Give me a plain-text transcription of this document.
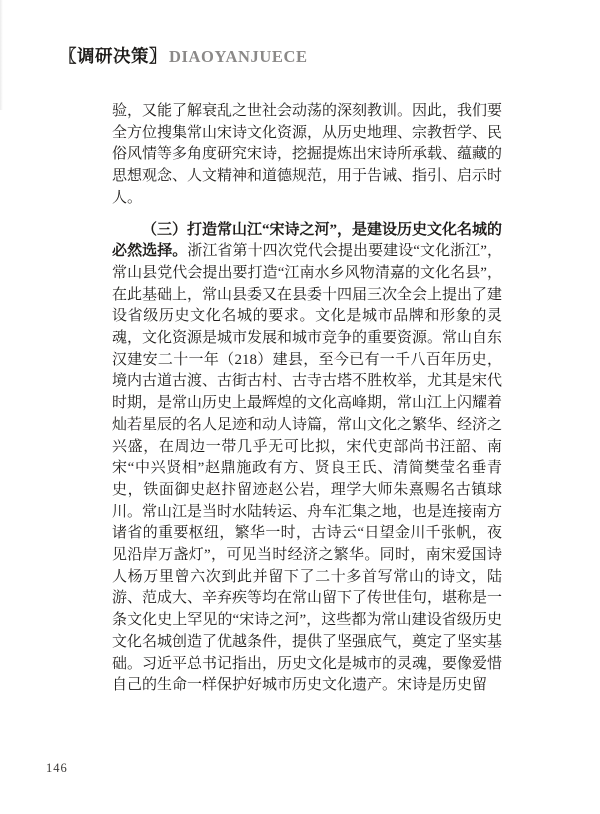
〖调研决策〗 DIAOYANJUECE

验，又能了解衰乱之世社会动荡的深刻教训。因此，我们要全方位搜集常山宋诗文化资源，从历史地理、宗教哲学、民俗风情等多角度研究宋诗，挖掘提炼出宋诗所承载、蕴藏的思想观念、人文精神和道德规范，用于告诫、指引、启示时人。

（三）打造常山江“宋诗之河”，是建设历史文化名城的必然选择。浙江省第十四次党代会提出要建设“文化浙江”，常山县党代会提出要打造“江南水乡风物清嘉的文化名县”，在此基础上，常山县委又在县委十四届三次全会上提出了建设省级历史文化名城的要求。文化是城市品牌和形象的灵魂，文化资源是城市发展和城市竞争的重要资源。常山自东汉建安二十一年（218）建县，至今已有一千八百年历史，境内古道古渡、古街古村、古寺古塔不胜枚举，尤其是宋代时期，是常山历史上最辉煌的文化高峰期，常山江上闪耀着灿若星辰的名人足迹和动人诗篇，常山文化之繁华、经济之兴盛，在周边一带几乎无可比拟，宋代吏部尚书汪韶、南宋“中兴贤相”赵鼎施政有方、贤良王氏、清简樊莹名垂青史，铁面御史赵抃留迹赵公岩，理学大师朱熹赐名古镇球川。常山江是当时水陆转运、舟车汇集之地，也是连接南方诸省的重要枢纽，繁华一时，古诗云“日望金川千张帆，夜见沿岸万盏灯”，可见当时经济之繁华。同时，南宋爱国诗人杨万里曾六次到此并留下了二十多首写常山的诗文，陆游、范成大、辛弃疾等均在常山留下了传世佳句，堪称是一条文化史上罕见的“宋诗之河”，这些都为常山建设省级历史文化名城创造了优越条件，提供了坚强底气，奠定了坚实基础。习近平总书记指出，历史文化是城市的灵魂，要像爱惜自己的生命一样保护好城市历史文化遗产。宋诗是历史留

146
